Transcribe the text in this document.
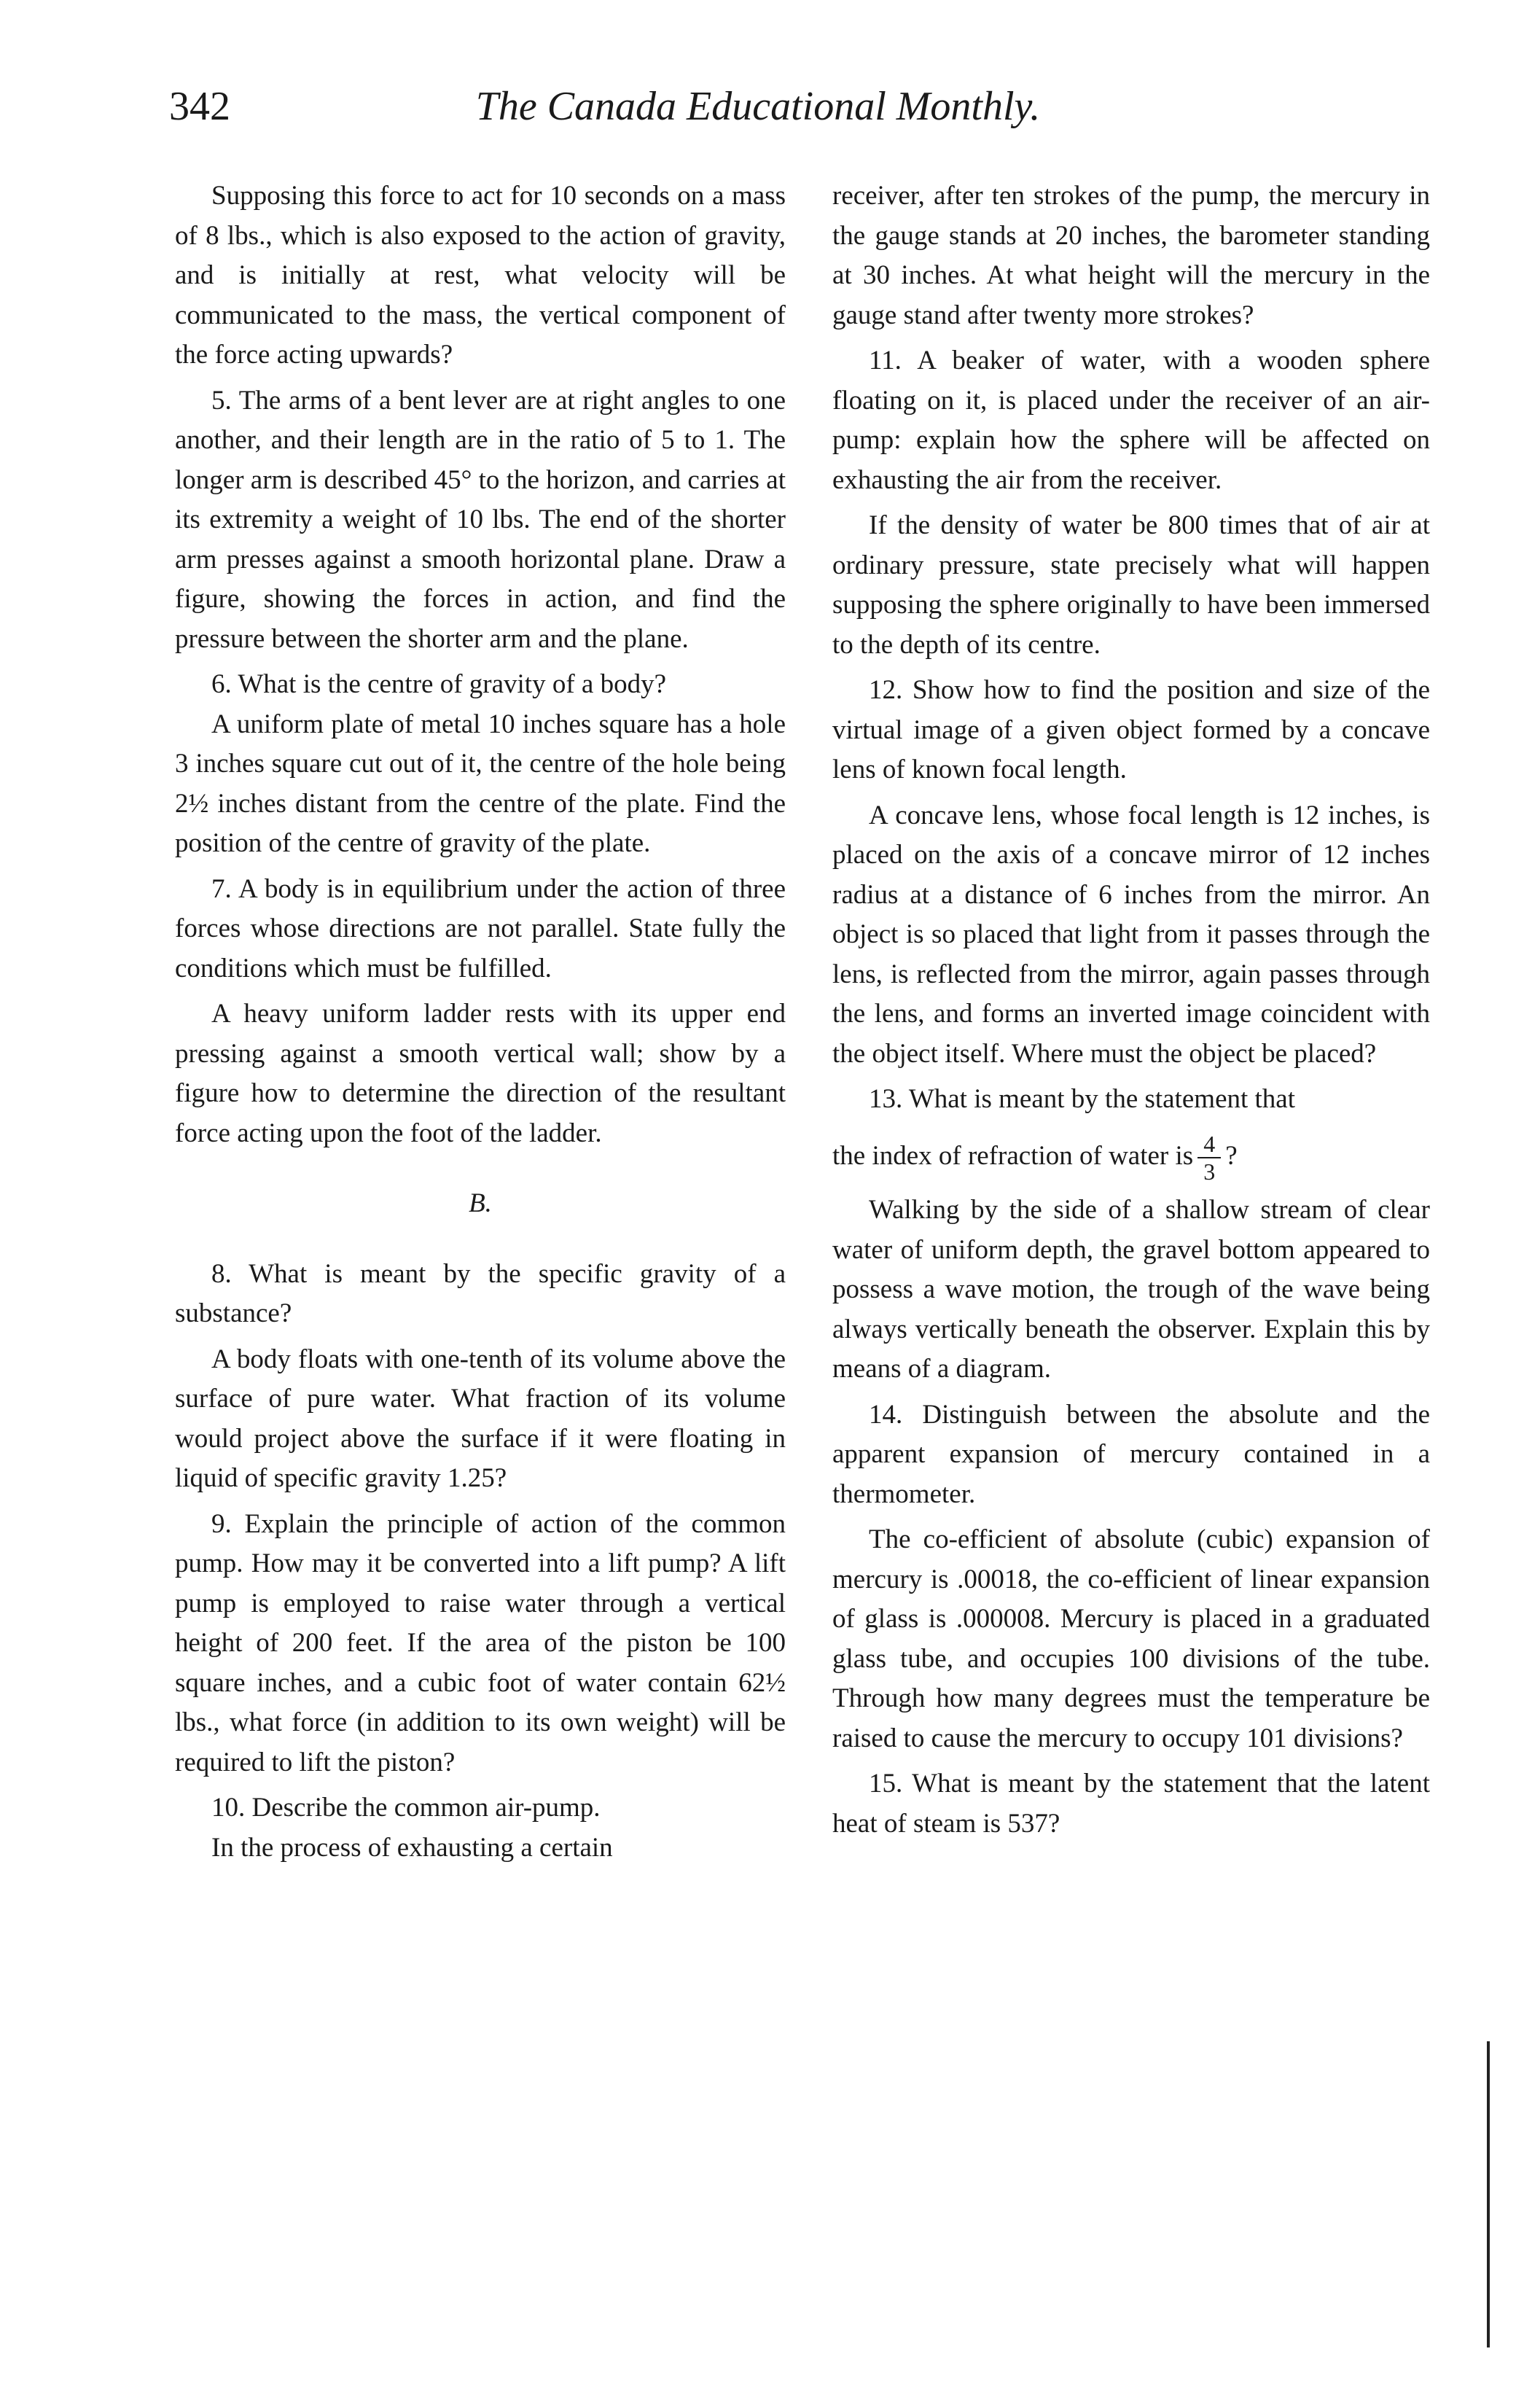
342	The Canada Educational Monthly.

Supposing this force to act for 10 seconds on a mass of 8 lbs., which is also exposed to the action of gravity, and is initially at rest, what velocity will be communicated to the mass, the vertical component of the force acting upwards?

5. The arms of a bent lever are at right angles to one another, and their length are in the ratio of 5 to 1. The longer arm is described 45° to the horizon, and carries at its extremity a weight of 10 lbs. The end of the shorter arm presses against a smooth horizontal plane. Draw a figure, showing the forces in action, and find the pressure between the shorter arm and the plane.

6. What is the centre of gravity of a body?

A uniform plate of metal 10 inches square has a hole 3 inches square cut out of it, the centre of the hole being 2½ inches distant from the centre of the plate. Find the position of the centre of gravity of the plate.

7. A body is in equilibrium under the action of three forces whose directions are not parallel. State fully the conditions which must be fulfilled.

A heavy uniform ladder rests with its upper end pressing against a smooth vertical wall; show by a figure how to determine the direction of the resultant force acting upon the foot of the ladder.

B.

8. What is meant by the specific gravity of a substance?

A body floats with one-tenth of its volume above the surface of pure water. What fraction of its volume would project above the surface if it were floating in liquid of specific gravity 1.25?

9. Explain the principle of action of the common pump. How may it be converted into a lift pump? A lift pump is employed to raise water through a vertical height of 200 feet. If the area of the piston be 100 square inches, and a cubic foot of water contain 62½ lbs., what force (in addition to its own weight) will be required to lift the piston?

10. Describe the common air-pump.

In the process of exhausting a certain

receiver, after ten strokes of the pump, the mercury in the gauge stands at 20 inches, the barometer standing at 30 inches. At what height will the mercury in the gauge stand after twenty more strokes?

11. A beaker of water, with a wooden sphere floating on it, is placed under the receiver of an air-pump: explain how the sphere will be affected on exhausting the air from the receiver.

If the density of water be 800 times that of air at ordinary pressure, state precisely what will happen supposing the sphere originally to have been immersed to the depth of its centre.

12. Show how to find the position and size of the virtual image of a given object formed by a concave lens of known focal length.

A concave lens, whose focal length is 12 inches, is placed on the axis of a concave mirror of 12 inches radius at a distance of 6 inches from the mirror. An object is so placed that light from it passes through the lens, is reflected from the mirror, again passes through the lens, and forms an inverted image coincident with the object itself. Where must the object be placed?

13. What is meant by the statement that

the index of refraction of water is $\frac{4}{3}$ ?

Walking by the side of a shallow stream of clear water of uniform depth, the gravel bottom appeared to possess a wave motion, the trough of the wave being always vertically beneath the observer. Explain this by means of a diagram.

14. Distinguish between the absolute and the apparent expansion of mercury contained in a thermometer.

The co-efficient of absolute (cubic) expansion of mercury is .00018, the co-efficient of linear expansion of glass is .000008. Mercury is placed in a graduated glass tube, and occupies 100 divisions of the tube. Through how many degrees must the temperature be raised to cause the mercury to occupy 101 divisions?

15. What is meant by the statement that the latent heat of steam is 537?
